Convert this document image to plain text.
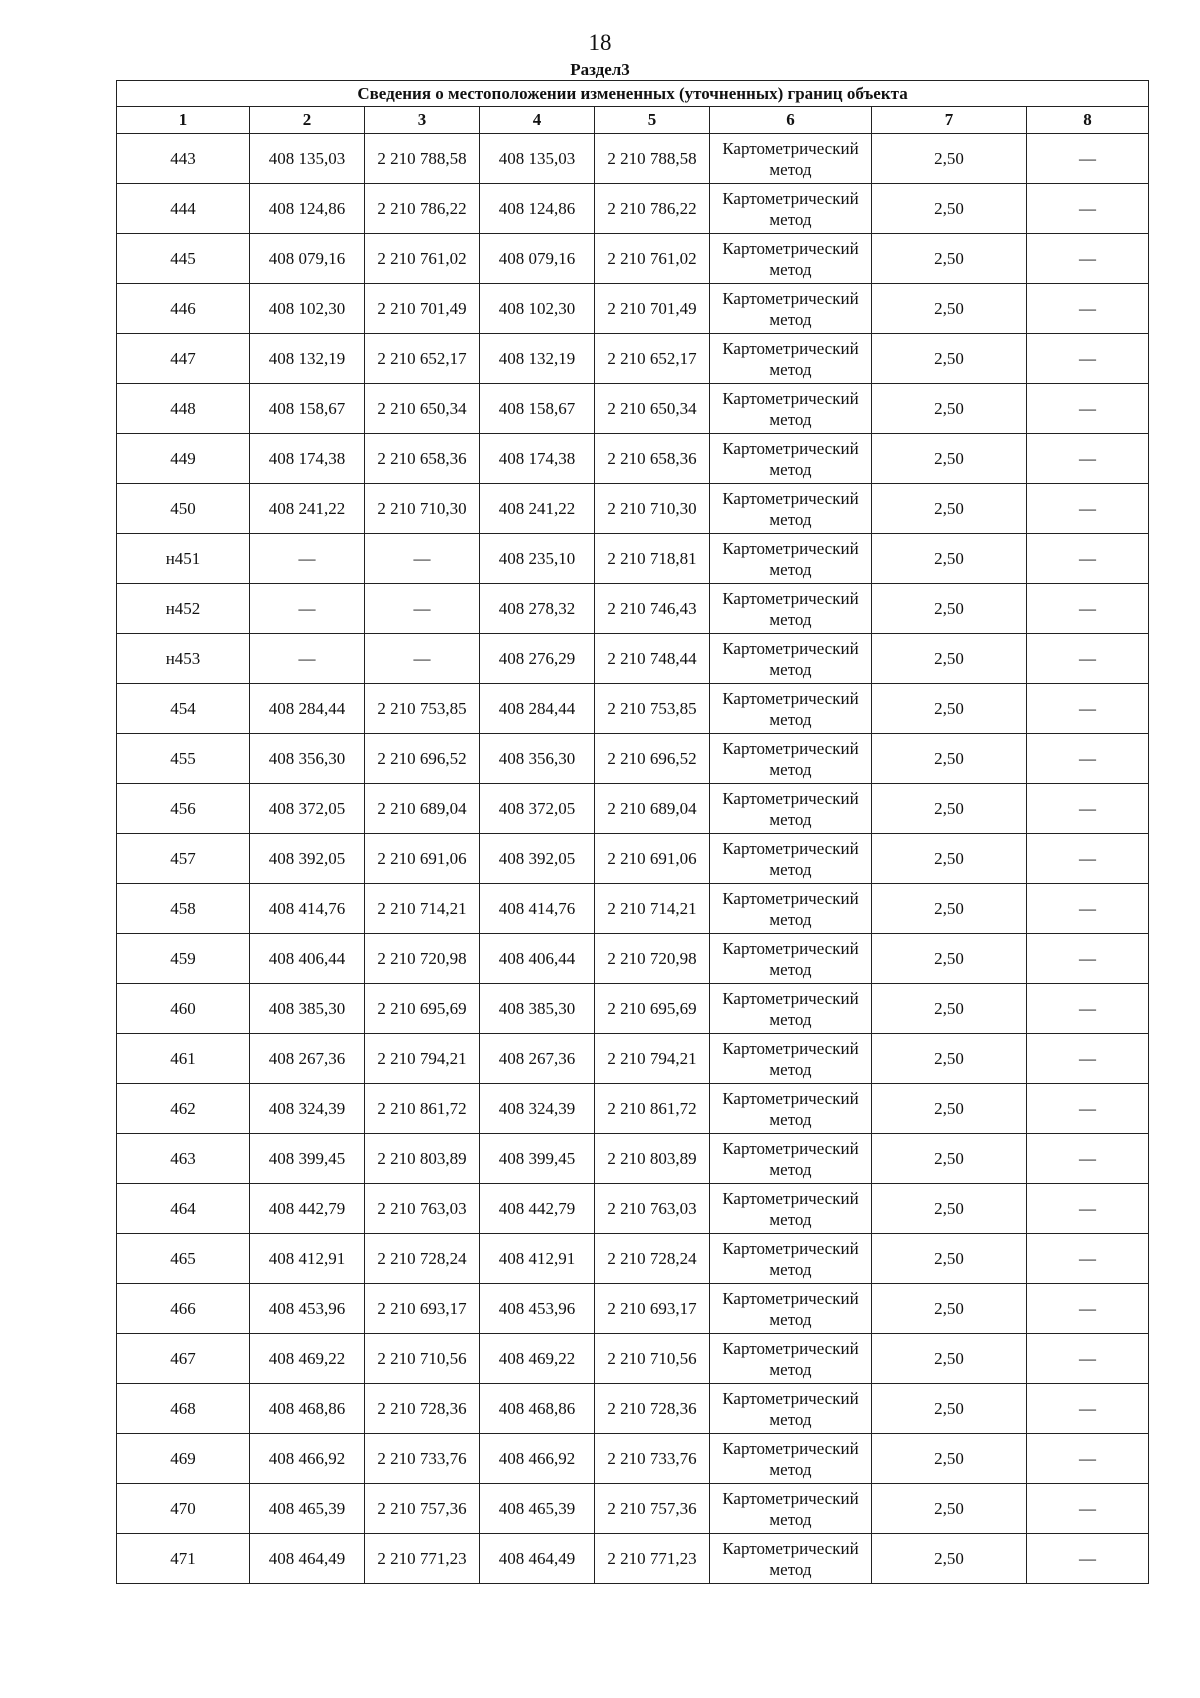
18
Раздел3
Сведения о местоположении измененных (уточненных) границ объекта							
1	2	3	4	5	6	7	8
443	408 135,03	2 210 788,58	408 135,03	2 210 788,58	Картометрический метод	2,50	—
444	408 124,86	2 210 786,22	408 124,86	2 210 786,22	Картометрический метод	2,50	—
445	408 079,16	2 210 761,02	408 079,16	2 210 761,02	Картометрический метод	2,50	—
446	408 102,30	2 210 701,49	408 102,30	2 210 701,49	Картометрический метод	2,50	—
447	408 132,19	2 210 652,17	408 132,19	2 210 652,17	Картометрический метод	2,50	—
448	408 158,67	2 210 650,34	408 158,67	2 210 650,34	Картометрический метод	2,50	—
449	408 174,38	2 210 658,36	408 174,38	2 210 658,36	Картометрический метод	2,50	—
450	408 241,22	2 210 710,30	408 241,22	2 210 710,30	Картометрический метод	2,50	—
н451	—	—	408 235,10	2 210 718,81	Картометрический метод	2,50	—
н452	—	—	408 278,32	2 210 746,43	Картометрический метод	2,50	—
н453	—	—	408 276,29	2 210 748,44	Картометрический метод	2,50	—
454	408 284,44	2 210 753,85	408 284,44	2 210 753,85	Картометрический метод	2,50	—
455	408 356,30	2 210 696,52	408 356,30	2 210 696,52	Картометрический метод	2,50	—
456	408 372,05	2 210 689,04	408 372,05	2 210 689,04	Картометрический метод	2,50	—
457	408 392,05	2 210 691,06	408 392,05	2 210 691,06	Картометрический метод	2,50	—
458	408 414,76	2 210 714,21	408 414,76	2 210 714,21	Картометрический метод	2,50	—
459	408 406,44	2 210 720,98	408 406,44	2 210 720,98	Картометрический метод	2,50	—
460	408 385,30	2 210 695,69	408 385,30	2 210 695,69	Картометрический метод	2,50	—
461	408 267,36	2 210 794,21	408 267,36	2 210 794,21	Картометрический метод	2,50	—
462	408 324,39	2 210 861,72	408 324,39	2 210 861,72	Картометрический метод	2,50	—
463	408 399,45	2 210 803,89	408 399,45	2 210 803,89	Картометрический метод	2,50	—
464	408 442,79	2 210 763,03	408 442,79	2 210 763,03	Картометрический метод	2,50	—
465	408 412,91	2 210 728,24	408 412,91	2 210 728,24	Картометрический метод	2,50	—
466	408 453,96	2 210 693,17	408 453,96	2 210 693,17	Картометрический метод	2,50	—
467	408 469,22	2 210 710,56	408 469,22	2 210 710,56	Картометрический метод	2,50	—
468	408 468,86	2 210 728,36	408 468,86	2 210 728,36	Картометрический метод	2,50	—
469	408 466,92	2 210 733,76	408 466,92	2 210 733,76	Картометрический метод	2,50	—
470	408 465,39	2 210 757,36	408 465,39	2 210 757,36	Картометрический метод	2,50	—
471	408 464,49	2 210 771,23	408 464,49	2 210 771,23	Картометрический метод	2,50	—
